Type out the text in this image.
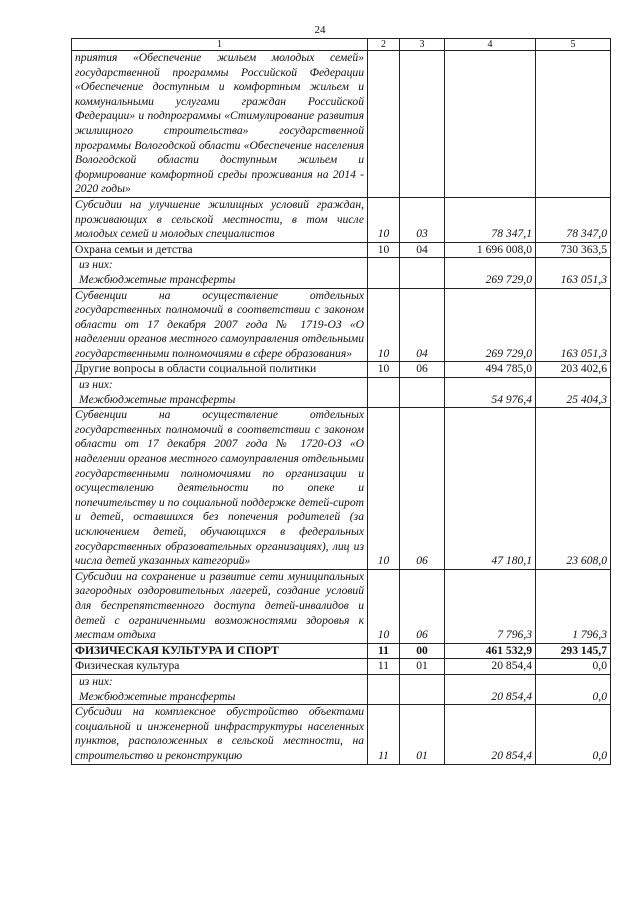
24
1	2	3	4	5
приятия «Обеспечение жильем молодых семей» государственной программы Российской Федерации «Обеспечение доступным и комфортным жильем и коммунальными услугами граждан Российской Федерации» и подпрограммы «Стимулирование развития жилищного строительства» государственной программы Вологодской области «Обеспечение населения Вологодской области доступным жильем и формирование комфортной среды проживания на 2014 - 2020 годы»				
Субсидии на улучшение жилищных условий граждан, проживающих в сельской местности, в том числе молодых семей и молодых специалистов	10	03	78 347,1	78 347,0
Охрана семьи и детства	10	04	1 696 008,0	730 363,5

из них:
Межбюджетные трансферты			269 729,0	163 051,3
Субвенции на осуществление отдельных государственных полномочий в соответствии с законом области от 17 декабря 2007 года № 1719-ОЗ «О наделении органов местного самоуправления отдельными государственными полномочиями в сфере образования»	10	04	269 729,0	163 051,3
Другие вопросы в области социальной политики	10	06	494 785,0	203 402,6

из них:
Межбюджетные трансферты			54 976,4	25 404,3
Субвенции на осуществление отдельных государственных полномочий в соответствии с законом области от 17 декабря 2007 года № 1720-ОЗ «О наделении органов местного самоуправления отдельными государственными полномочиями по организации и осуществлению деятельности по опеке и попечительству и по социальной поддержке детей-сирот и детей, оставшихся без попечения родителей (за исключением детей, обучающихся в федеральных государственных образовательных организациях), лиц из числа детей указанных категорий»	10	06	47 180,1	23 608,0
Субсидии на сохранение и развитие сети муниципальных загородных оздоровительных лагерей, создание условий для беспрепятственного доступа детей-инвалидов и детей с ограниченными возможностями здоровья к местам отдыха	10	06	7 796,3	1 796,3
ФИЗИЧЕСКАЯ КУЛЬТУРА И СПОРТ	11	00	461 532,9	293 145,7
Физическая культура	11	01	20 854,4	0,0

из них:
Межбюджетные трансферты			20 854,4	0,0
Субсидии на комплексное обустройство объектами социальной и инженерной инфраструктуры населенных пунктов, расположенных в сельской местности, на строительство и реконструкцию	11	01	20 854,4	0,0
